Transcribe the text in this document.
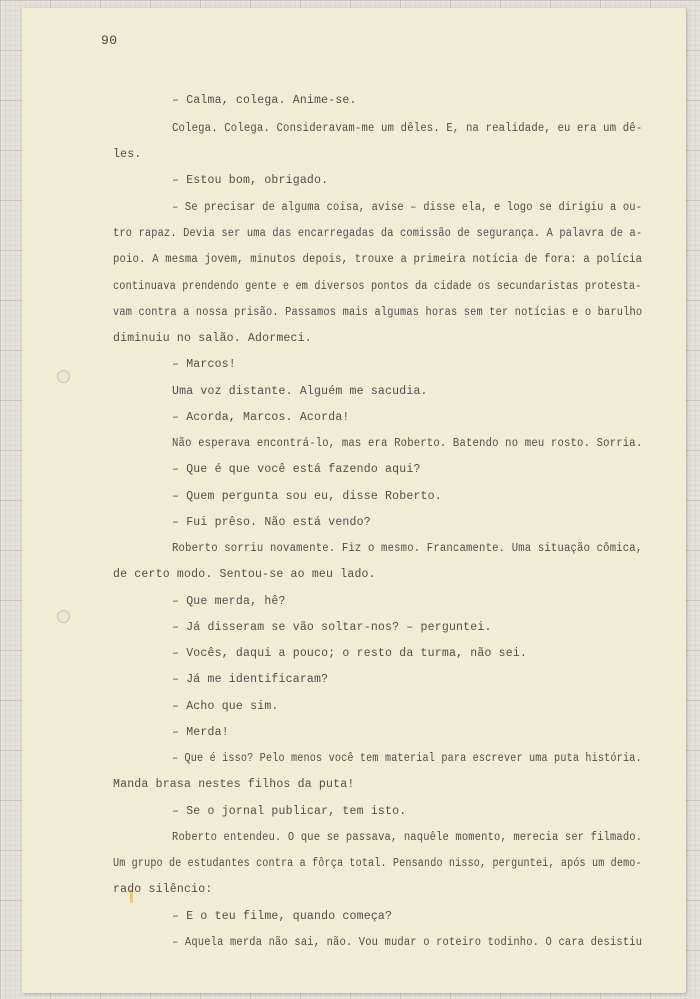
90
– Calma, colega. Anime-se.
Colega. Colega. Consideravam-me um dêles. E, na realidade, eu era um dê-
les.
– Estou bom, obrigado.
– Se precisar de alguma coisa, avise – disse ela, e logo se dirigiu a ou-
tro rapaz. Devia ser uma das encarregadas da comissão de segurança. A palavra de a-
poio. A mesma jovem, minutos depois, trouxe a primeira notícia de fora: a polícia
continuava prendendo gente e em diversos pontos da cidade os secundaristas protesta-
vam contra a nossa prisão. Passamos mais algumas horas sem ter notícias e o barulho
diminuiu no salão. Adormeci.
– Marcos!
Uma voz distante. Alguém me sacudia.
– Acorda, Marcos. Acorda!
Não esperava encontrá-lo, mas era Roberto. Batendo no meu rosto. Sorria.
– Que é que você está fazendo aqui?
– Quem pergunta sou eu, disse Roberto.
– Fui prêso. Não está vendo?
Roberto sorriu novamente. Fiz o mesmo. Francamente. Uma situação cômica,
de certo modo. Sentou-se ao meu lado.
– Que merda, hê?
– Já disseram se vão soltar-nos? – perguntei.
– Vocês, daqui a pouco; o resto da turma, não sei.
– Já me identificaram?
– Acho que sim.
– Merda!
– Que é isso? Pelo menos você tem material para escrever uma puta história.
Manda brasa nestes filhos da puta!
– Se o jornal publicar, tem isto.
Roberto entendeu. O que se passava, naquêle momento, merecia ser filmado.
Um grupo de estudantes contra a fôrça total. Pensando nisso, perguntei, após um demo-
rado silêncio:
– E o teu filme, quando começa?
– Aquela merda não sai, não. Vou mudar o roteiro todinho. O cara desistiu
